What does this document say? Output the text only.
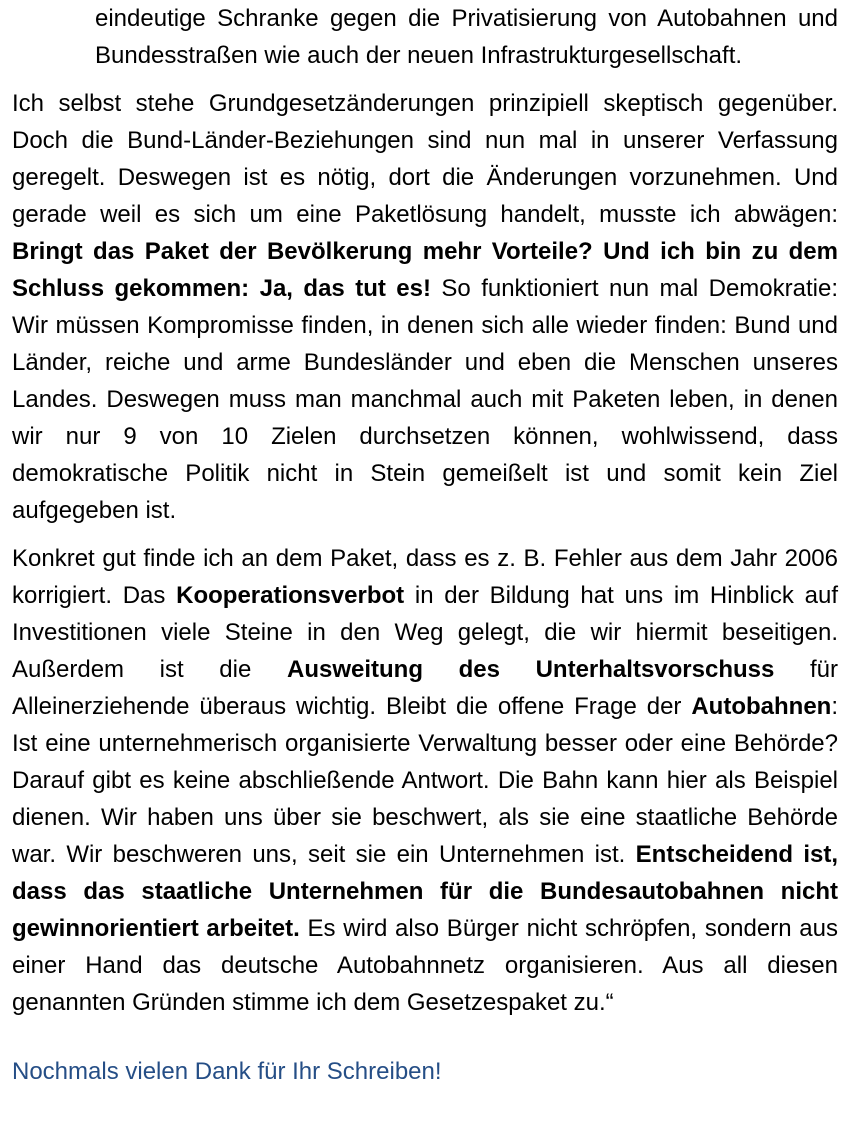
eindeutige Schranke gegen die Privatisierung von Autobahnen und Bundesstraßen wie auch der neuen Infrastrukturgesellschaft.

Ich selbst stehe Grundgesetzänderungen prinzipiell skeptisch gegenüber. Doch die Bund-Länder-Beziehungen sind nun mal in unserer Verfassung geregelt. Deswegen ist es nötig, dort die Änderungen vorzunehmen. Und gerade weil es sich um eine Paketlösung handelt, musste ich abwägen: Bringt das Paket der Bevölkerung mehr Vorteile? Und ich bin zu dem Schluss gekommen: Ja, das tut es! So funktioniert nun mal Demokratie: Wir müssen Kompromisse finden, in denen sich alle wieder finden: Bund und Länder, reiche und arme Bundesländer und eben die Menschen unseres Landes. Deswegen muss man manchmal auch mit Paketen leben, in denen wir nur 9 von 10 Zielen durchsetzen können, wohlwissend, dass demokratische Politik nicht in Stein gemeißelt ist und somit kein Ziel aufgegeben ist.

Konkret gut finde ich an dem Paket, dass es z. B. Fehler aus dem Jahr 2006 korrigiert. Das Kooperationsverbot in der Bildung hat uns im Hinblick auf Investitionen viele Steine in den Weg gelegt, die wir hiermit beseitigen. Außerdem ist die Ausweitung des Unterhaltsvorschuss für Alleinerziehende überaus wichtig. Bleibt die offene Frage der Autobahnen: Ist eine unternehmerisch organisierte Verwaltung besser oder eine Behörde? Darauf gibt es keine abschließende Antwort. Die Bahn kann hier als Beispiel dienen. Wir haben uns über sie beschwert, als sie eine staatliche Behörde war. Wir beschweren uns, seit sie ein Unternehmen ist. Entscheidend ist, dass das staatliche Unternehmen für die Bundesautobahnen nicht gewinnorientiert arbeitet. Es wird also Bürger nicht schröpfen, sondern aus einer Hand das deutsche Autobahnnetz organisieren. Aus all diesen genannten Gründen stimme ich dem Gesetzespaket zu.“

Nochmals vielen Dank für Ihr Schreiben!
